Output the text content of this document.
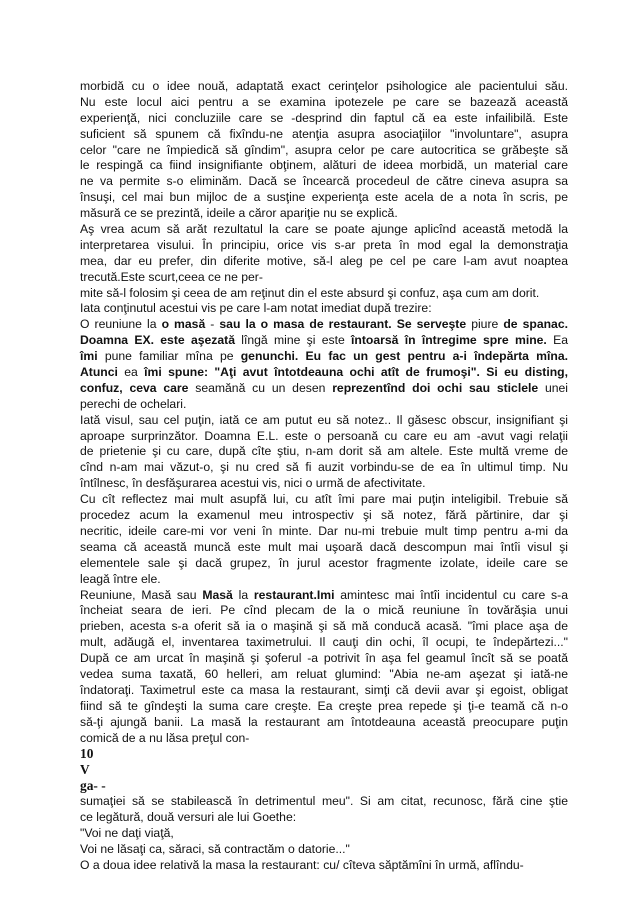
morbidă cu o idee nouă, adaptată exact cerinţelor psihologice ale pacientului său.
Nu este locul aici pentru a se examina ipotezele pe care se bazează această
experienţă, nici concluziile care se -desprind din faptul că ea este infailibilă. Este
suficient să spunem că fixîndu-ne atenţia asupra asociaţiilor "involuntare", asupra
celor "care ne împiedică să gîndim", asupra celor pe care autocritica se grăbeşte să
le respingă ca fiind insignifiante obţinem, alături de ideea morbidă, un material care
ne va permite s-o eliminăm. Dacă se încearcă procedeul de către cineva asupra sa
însuşi, cel mai bun mijloc de a susţine experienţa este acela de a nota în scris, pe
măsură ce se prezintă, ideile a căror apariţie nu se explică.
Aş vrea acum să arăt rezultatul la care se poate ajunge aplicînd această metodă la
interpretarea visului. În principiu, orice vis s-ar preta în mod egal la demonstraţia
mea, dar eu prefer, din diferite motive, să-l aleg pe cel pe care l-am avut noaptea
trecută.Este scurt,ceea ce ne per-
mite să-l folosim şi ceea de am reţinut din el este absurd şi confuz, aşa cum am dorit.
Iata conţinutul acestui vis pe care l-am notat imediat după trezire:
O reuniune la o masă - sau la o masa de restaurant. Se serveşte piure de spanac.
Doamna EX. este aşezată lîngă mine şi este întoarsă în întregime spre mine. Ea
îmi pune familiar mîna pe genunchi. Eu fac un gest pentru a-i îndepărta mîna.
Atunci ea îmi spune: "Aţi avut întotdeauna ochi atît de frumoşi". Si eu disting,
confuz, ceva care seamănă cu un desen reprezentînd doi ochi sau sticlele unei
perechi de ochelari.
Iată visul, sau cel puţin, iată ce am putut eu să notez.. Il găsesc obscur, insignifiant şi
aproape surprinzător. Doamna E.L. este o persoană cu care eu am -avut vagi relaţii
de prietenie şi cu care, după cîte ştiu, n-am dorit să am altele. Este multă vreme de
cînd n-am mai văzut-o, şi nu cred să fi auzit vorbindu-se de ea în ultimul timp. Nu
întîlnesc, în desfăşurarea acestui vis, nici o urmă de afectivitate.
Cu cît reflectez mai mult asupfă lui, cu atît îmi pare mai puţin inteligibil. Trebuie să
procedez acum la examenul meu introspectiv şi să notez, fără părtinire, dar şi
necritic, ideile care-mi vor veni în minte. Dar nu-mi trebuie mult timp pentru a-mi da
seama că această muncă este mult mai uşoară dacă descompun mai întîi visul şi
elementele sale şi dacă grupez, în jurul acestor fragmente izolate, ideile care se
leagă între ele.
Reuniune, Masă sau Masă la restaurant.Imi amintesc mai întîi incidentul cu care s-a
încheiat seara de ieri. Pe cînd plecam de la o mică reuniune în tovărăşia unui
prieben, acesta s-a oferit să ia o maşină şi să mă conducă acasă. "îmi place aşa de
mult, adăugă el, inventarea taximetrului. Il cauţi din ochi, îl ocupi, te îndepărtezi..."
După ce am urcat în maşină şi şoferul -a potrivit în aşa fel geamul încît să se poată
vedea suma taxată, 60 helleri, am reluat glumind: "Abia ne-am aşezat şi iată-ne
îndatoraţi. Taximetrul este ca masa la restaurant, simţi că devii avar şi egoist, obligat
fiind să te gîndeşti la suma care creşte. Ea creşte prea repede şi ţi-e teamă că n-o
să-ţi ajungă banii. La masă la restaurant am întotdeauna această preocupare puţin
comică de a nu lăsa preţul con-
10
V
ga- -
sumaţiei să se stabilească în detrimentul meu". Si am citat, recunosc, fără cine ştie
ce legătură, două versuri ale lui Goethe:
"Voi ne daţi viaţă,
Voi ne lăsaţi ca, săraci, să contractăm o datorie..."
O a doua idee relativă la masa la restaurant: cu/ cîteva săptămîni în urmă, aflîndu-
